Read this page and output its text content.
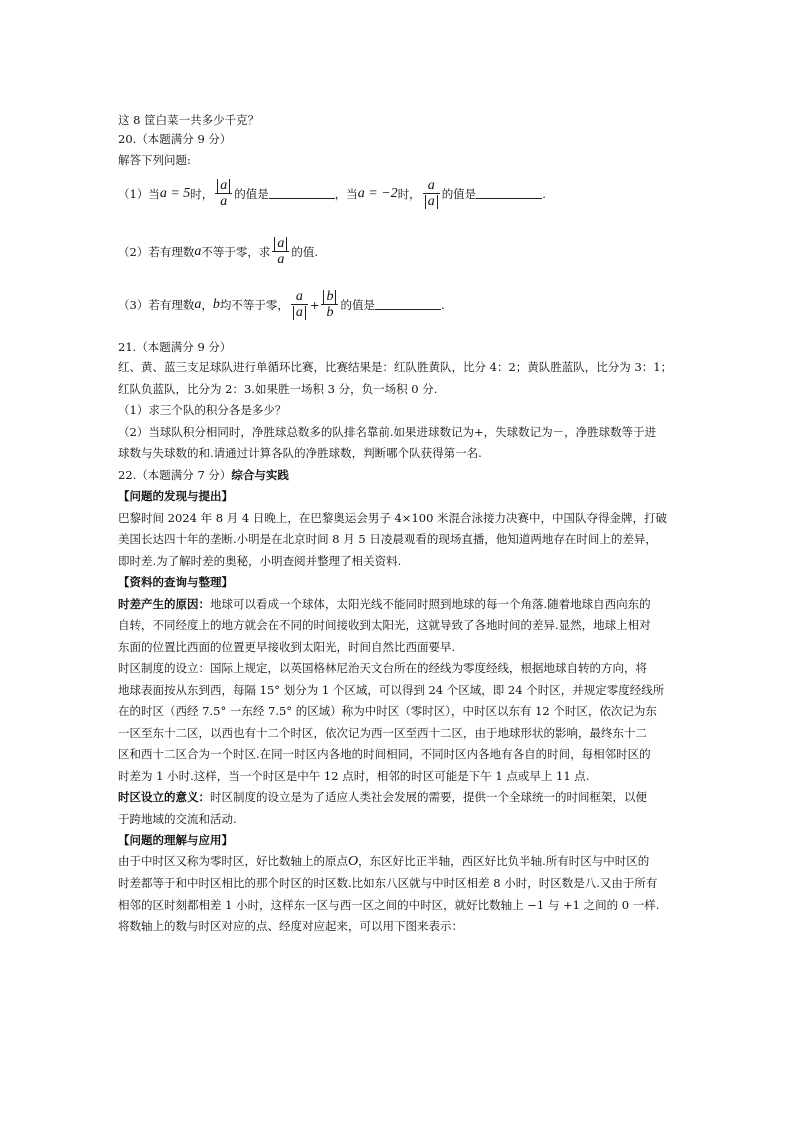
这 8 筐白菜一共多少千克？
20.（本题满分 9 分）
解答下列问题:
（1）当 a = 5 时， $\frac{a}{a}$ 的值是	，当 a = −2 时， $\frac{a}{a}$ 的值是	.
（2）若有理数 a 不等于零，求 $\frac{a}{a}$ 的值.
（3）若有理数 a ， b 均不等于零， $\frac{a}{a} + \frac{b}{b}$ 的值是	.
21.（本题满分 9 分）
红、黄、蓝三支足球队进行单循环比赛，比赛结果是：红队胜黄队，比分 4：2；黄队胜蓝队，比分为 3：1；
红队负蓝队，比分为 2：3.如果胜一场积 3 分，负一场积 0 分.
（1）求三个队的积分各是多少？
（2）当球队积分相同时，净胜球总数多的队排名靠前.如果进球数记为+，失球数记为－，净胜球数等于进
球数与失球数的和.请通过计算各队的净胜球数，判断哪个队获得第一名.
22.（本题满分 7 分）综合与实践
【问题的发现与提出】
巴黎时间 2024 年 8 月 4 日晚上，在巴黎奥运会男子 4×100 米混合泳接力决赛中，中国队夺得金牌，打破
美国长达四十年的垄断.小明是在北京时间 8 月 5 日凌晨观看的现场直播，他知道两地存在时间上的差异，
即时差.为了解时差的奥秘，小明查阅并整理了相关资料.
【资料的查询与整理】
时差产生的原因：地球可以看成一个球体，太阳光线不能同时照到地球的每一个角落.随着地球自西向东的
自转，不同经度上的地方就会在不同的时间接收到太阳光，这就导致了各地时间的差异.显然，地球上相对
东面的位置比西面的位置更早接收到太阳光，时间自然比西面要早.
时区制度的设立：国际上规定，以英国格林尼治天文台所在的经线为零度经线，根据地球自转的方向，将
地球表面按从东到西，每隔 15° 划分为 1 个区域，可以得到 24 个区域，即 24 个时区，并规定零度经线所
在的时区（西经 7.5° 一东经 7.5° 的区域）称为中时区（零时区），中时区以东有 12 个时区，依次记为东
一区至东十二区，以西也有十二个时区，依次记为西一区至西十二区，由于地球形状的影响，最终东十二
区和西十二区合为一个时区.在同一时区内各地的时间相同，不同时区内各地有各自的时间，每相邻时区的
时差为 1 小时.这样，当一个时区是中午 12 点时，相邻的时区可能是下午 1 点或早上 11 点.
时区设立的意义：时区制度的设立是为了适应人类社会发展的需要，提供一个全球统一的时间框架，以便
于跨地域的交流和活动.
【问题的理解与应用】
由于中时区又称为零时区，好比数轴上的原点O，东区好比正半轴，西区好比负半轴.所有时区与中时区的
时差都等于和中时区相比的那个时区的时区数.比如东八区就与中时区相差 8 小时，时区数是八.又由于所有
相邻的区时刻都相差 1 小时，这样东一区与西一区之间的中时区，就好比数轴上 −1 与 +1 之间的 0 一样.
将数轴上的数与时区对应的点、经度对应起来，可以用下图来表示：
